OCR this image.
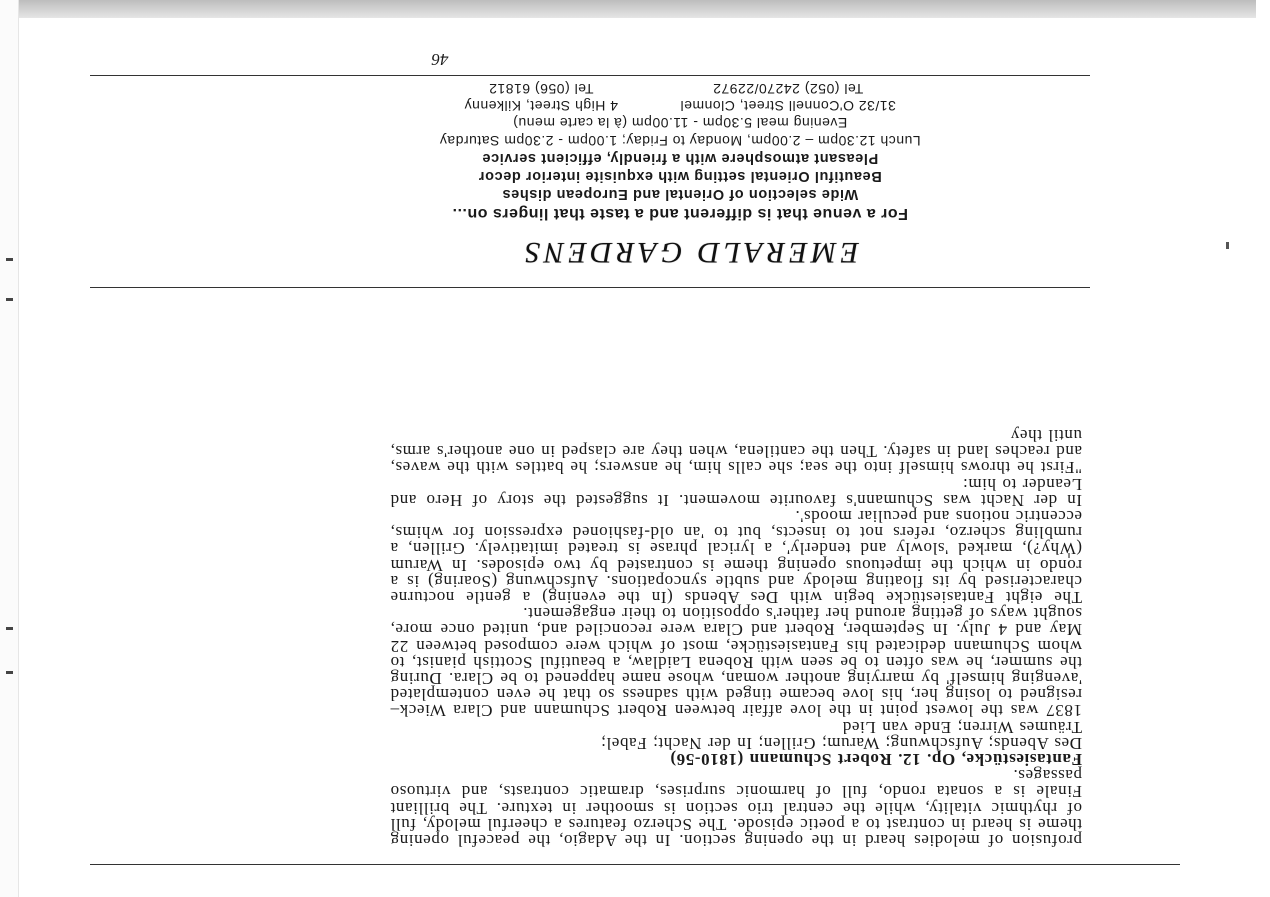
profusion of melodies heard in the opening section. In the Adagio, the peaceful opening theme is heard in contrast to a poetic episode. The Scherzo features a cheerful melody, full of rhythmic vitality, while the central trio section is smoother in texture. The brilliant Finale is a sonata rondo, full of harmonic surprises, dramatic contrasts, and virtuoso passages.

Fantasiestücke, Op. 12. Robert Schumann (1810-56)

Des Abends; Aufschwung; Warum; Grillen; In der Nacht; Fabel;

Träumes Wirren; Ende van Lied

1837 was the lowest point in the love affair between Robert Schumann and Clara Wieck–resigned to losing her, his love became tinged with sadness so that he even contemplated 'avenging himself' by marrying another woman, whose name happened to be Clara. During the summer, he was often to be seen with Robena Laidlaw, a beautiful Scottish pianist, to whom Schumann dedicated his Fantasiestücke, most of which were composed between 22 May and 4 July. In September, Robert and Clara were reconciled and, united once more, sought ways of getting around her father's opposition to their engagement.

The eight Fantasiestücke begin with Des Abends (In the evening) a gentle nocturne characterised by its floating melody and subtle syncopations. Aufschwung (Soaring) is a rondo in which the impetuous opening theme is contrasted by two episodes. In Warum (Why?), marked 'slowly and tenderly', a lyrical phrase is treated imitatively. Grillen, a rumbling scherzo, refers not to insects, but to 'an old-fashioned expression for whims, eccentric notions and peculiar moods'.

In der Nacht was Schumann's favourite movement. It suggested the story of Hero and Leander to him:

"First he throws himself into the sea; she calls him, he answers; he battles with the waves, and reaches land in safety. Then the cantilena, when they are clasped in one another's arms, until they

EMERALD GARDENS
For a venue that is different and a taste that lingers on...
Wide selection of Oriental and European dishes
Beautiful Oriental setting with exquisite interior decor
Pleasant atmosphere with a friendly, efficient service
Lunch 12.30pm – 2.00pm, Monday to Friday; 1.00pm - 2.30pm Saturday
Evening meal 5.30pm - 11.00pm (à la carte menu)
31/32 O'Connell Street, Clonmel
Tel (052) 24270/22972
4 High Street, Kilkenny
Tel (056) 61812
46
